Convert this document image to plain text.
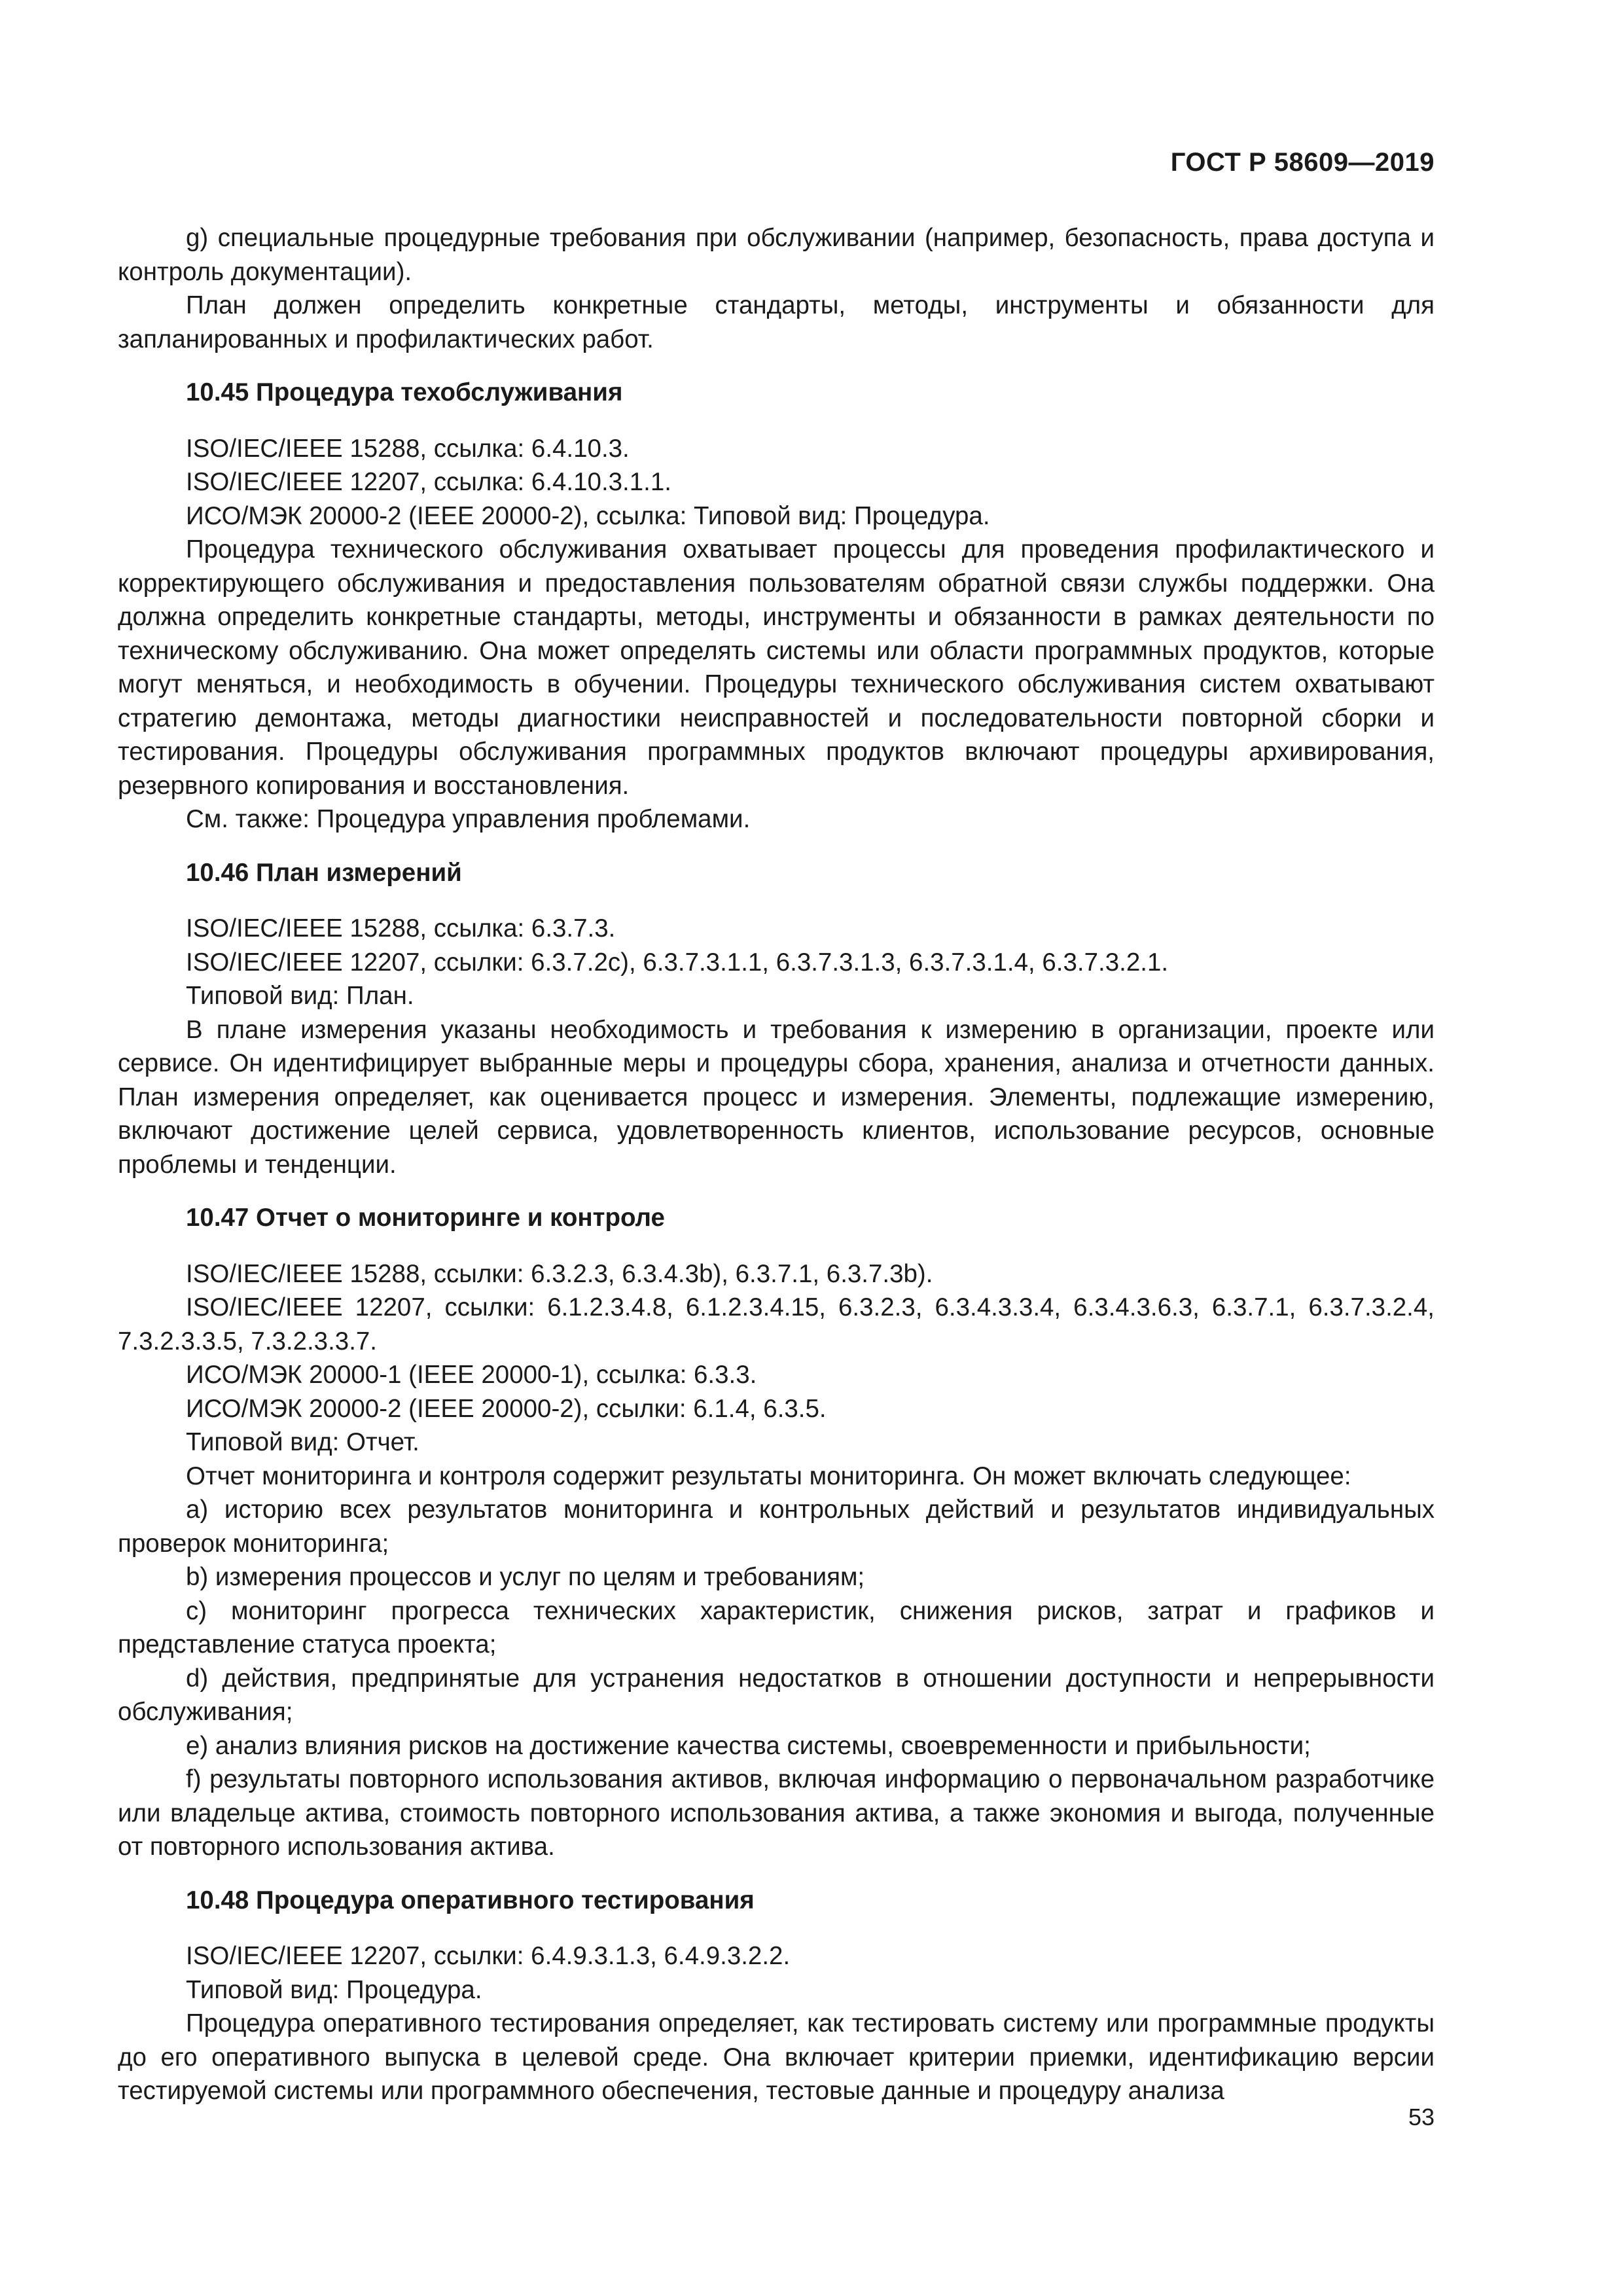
ГОСТ Р 58609—2019

g) специальные процедурные требования при обслуживании (например, безопасность, права доступа и контроль документации).

План должен определить конкретные стандарты, методы, инструменты и обязанности для запланированных и профилактических работ.

10.45 Процедура техобслуживания

ISO/IEC/IEEE 15288, ссылка: 6.4.10.3.

ISO/IEC/IEEE 12207, ссылка: 6.4.10.3.1.1.

ИСО/МЭК 20000-2 (IEEE 20000-2), ссылка: Типовой вид: Процедура.

Процедура технического обслуживания охватывает процессы для проведения профилактического и корректирующего обслуживания и предоставления пользователям обратной связи службы поддержки. Она должна определить конкретные стандарты, методы, инструменты и обязанности в рамках деятельности по техническому обслуживанию. Она может определять системы или области программных продуктов, которые могут меняться, и необходимость в обучении. Процедуры технического обслуживания систем охватывают стратегию демонтажа, методы диагностики неисправностей и последовательности повторной сборки и тестирования. Процедуры обслуживания программных продуктов включают процедуры архивирования, резервного копирования и восстановления.

См. также: Процедура управления проблемами.

10.46 План измерений

ISO/IEC/IEEE 15288, ссылка: 6.3.7.3.

ISO/IEC/IEEE 12207, ссылки: 6.3.7.2c), 6.3.7.3.1.1, 6.3.7.3.1.3, 6.3.7.3.1.4, 6.3.7.3.2.1.

Типовой вид: План.

В плане измерения указаны необходимость и требования к измерению в организации, проекте или сервисе. Он идентифицирует выбранные меры и процедуры сбора, хранения, анализа и отчетности данных. План измерения определяет, как оценивается процесс и измерения. Элементы, подлежащие измерению, включают достижение целей сервиса, удовлетворенность клиентов, использование ресурсов, основные проблемы и тенденции.

10.47 Отчет о мониторинге и контроле

ISO/IEC/IEEE 15288, ссылки: 6.3.2.3, 6.3.4.3b), 6.3.7.1, 6.3.7.3b).

ISO/IEC/IEEE 12207, ссылки: 6.1.2.3.4.8, 6.1.2.3.4.15, 6.3.2.3, 6.3.4.3.3.4, 6.3.4.3.6.3, 6.3.7.1, 6.3.7.3.2.4, 7.3.2.3.3.5, 7.3.2.3.3.7.

ИСО/МЭК 20000-1 (IEEE 20000-1), ссылка: 6.3.3.

ИСО/МЭК 20000-2 (IEEE 20000-2), ссылки: 6.1.4, 6.3.5.

Типовой вид: Отчет.

Отчет мониторинга и контроля содержит результаты мониторинга. Он может включать следующее:

a) историю всех результатов мониторинга и контрольных действий и результатов индивидуальных проверок мониторинга;

b) измерения процессов и услуг по целям и требованиям;

c) мониторинг прогресса технических характеристик, снижения рисков, затрат и графиков и представление статуса проекта;

d) действия, предпринятые для устранения недостатков в отношении доступности и непрерывности обслуживания;

e) анализ влияния рисков на достижение качества системы, своевременности и прибыльности;

f) результаты повторного использования активов, включая информацию о первоначальном разработчике или владельце актива, стоимость повторного использования актива, а также экономия и выгода, полученные от повторного использования актива.

10.48 Процедура оперативного тестирования

ISO/IEC/IEEE 12207, ссылки: 6.4.9.3.1.3, 6.4.9.3.2.2.

Типовой вид: Процедура.

Процедура оперативного тестирования определяет, как тестировать систему или программные продукты до его оперативного выпуска в целевой среде. Она включает критерии приемки, идентификацию версии тестируемой системы или программного обеспечения, тестовые данные и процедуру анализа

53
